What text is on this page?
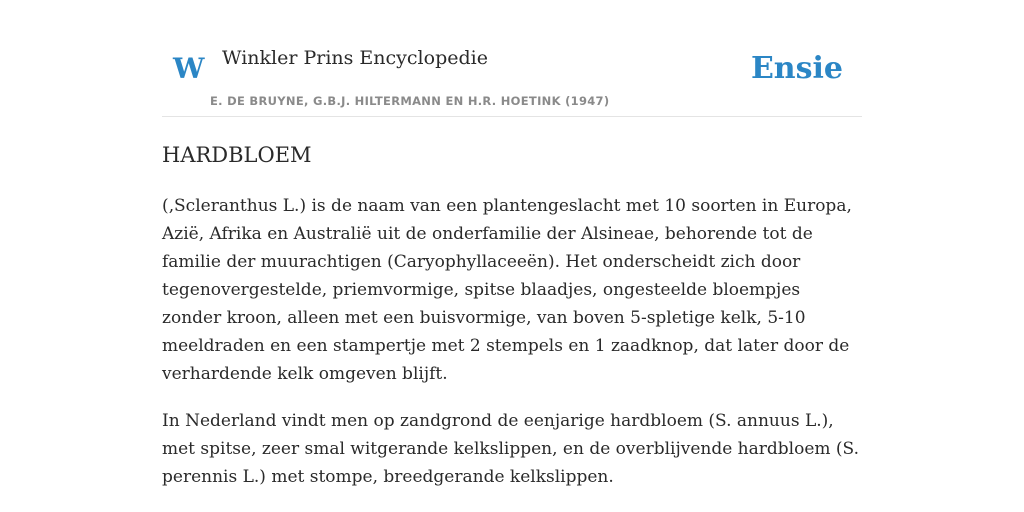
W Winkler Prins Encyclopedie
E. DE BRUYNE, G.B.J. HILTERMANN EN H.R. HOETINK (1947)
Ensie
HARDBLOEM

(‚Scleranthus L.) is de naam van een plantengeslacht met 10 soorten in Europa, Azië, Afrika en Australië uit de onderfamilie der Alsineae, behorende tot de familie der muurachtigen (Caryophyllaceeën). Het onderscheidt zich door tegenovergestelde, priemvormige, spitse blaadjes, ongesteelde bloempjes zonder kroon, alleen met een buisvormige, van boven 5-spletige kelk, 5-10 meeldraden en een stampertje met 2 stempels en 1 zaadknop, dat later door de verhardende kelk omgeven blijft.

In Nederland vindt men op zandgrond de eenjarige hardbloem (S. annuus L.), met spitse, zeer smal witgerande kelkslippen, en de overblijvende hardbloem (S. perennis L.) met stompe, breedgerande kelkslippen.
